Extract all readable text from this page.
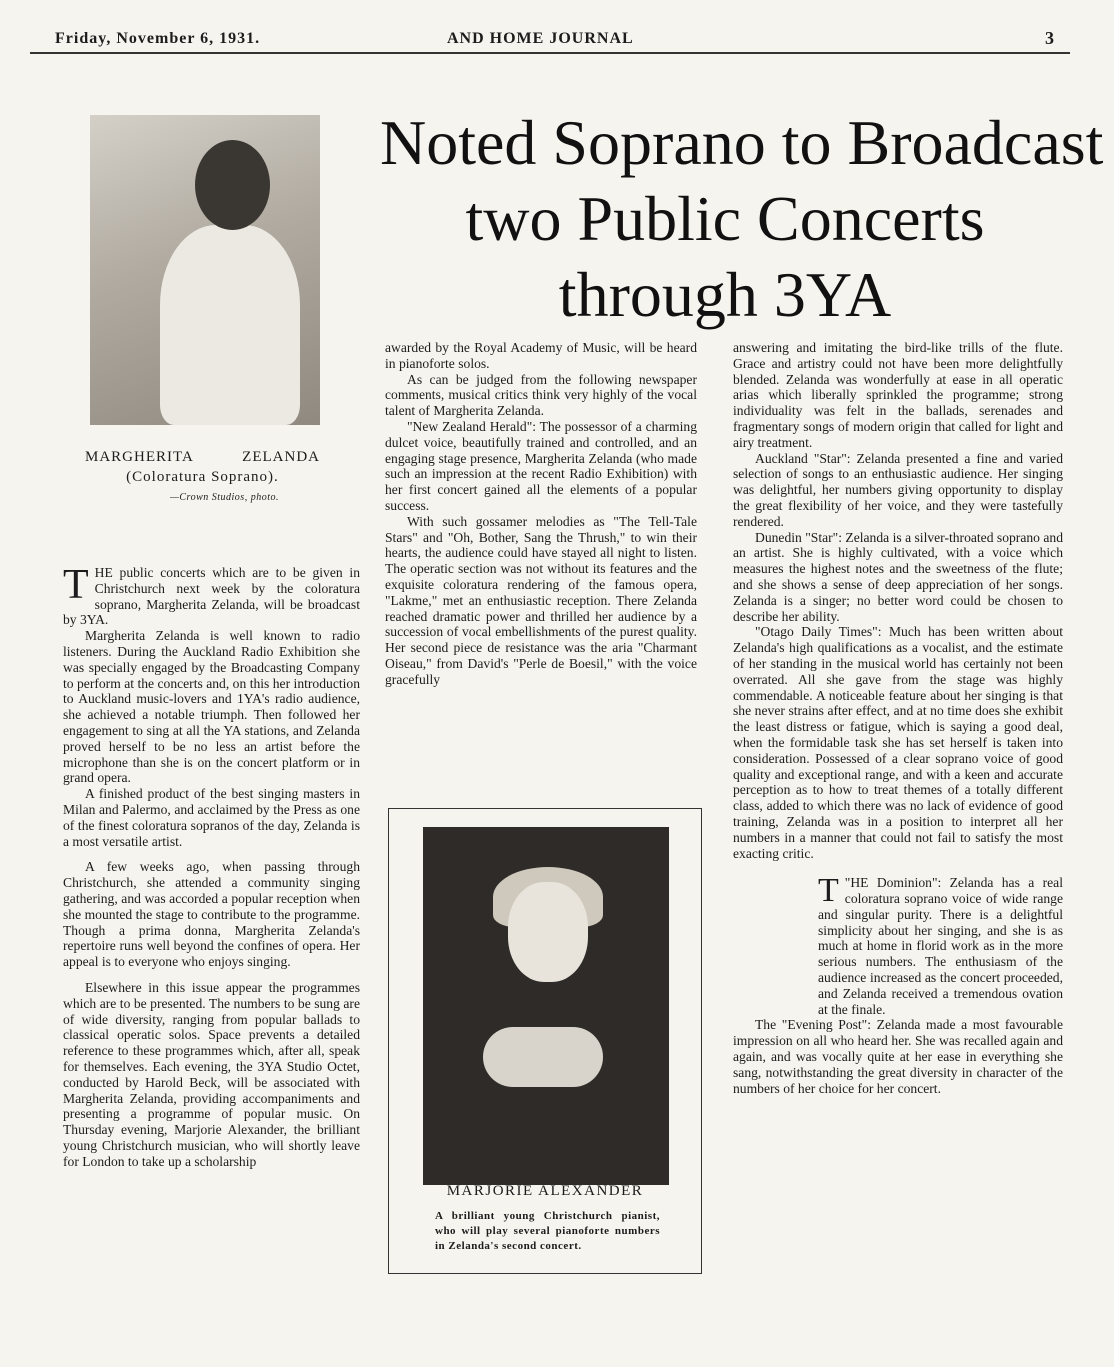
Friday, November 6, 1931.	AND HOME JOURNAL	3
Noted Soprano to Broadcast
two Public Concerts
through 3YA
MARGHERITA	ZELANDA
(Coloratura Soprano).
—Crown Studios, photo.

THE public concerts which are to be given in Christchurch next week by the coloratura soprano, Margherita Zelanda, will be broadcast by 3YA.

Margherita Zelanda is well known to radio listeners. During the Auckland Radio Exhibition she was specially engaged by the Broadcasting Company to perform at the concerts and, on this her introduction to Auckland music-lovers and 1YA's radio audience, she achieved a notable triumph. Then followed her engagement to sing at all the YA stations, and Zelanda proved herself to be no less an artist before the microphone than she is on the concert platform or in grand opera.

A finished product of the best singing masters in Milan and Palermo, and acclaimed by the Press as one of the finest coloratura sopranos of the day, Zelanda is a most versatile artist.

A few weeks ago, when passing through Christchurch, she attended a community singing gathering, and was accorded a popular reception when she mounted the stage to contribute to the programme. Though a prima donna, Margherita Zelanda's repertoire runs well beyond the confines of opera. Her appeal is to everyone who enjoys singing.

Elsewhere in this issue appear the programmes which are to be presented. The numbers to be sung are of wide diversity, ranging from popular ballads to classical operatic solos. Space prevents a detailed reference to these programmes which, after all, speak for themselves. Each evening, the 3YA Studio Octet, conducted by Harold Beck, will be associated with Margherita Zelanda, providing accompaniments and presenting a programme of popular music. On Thursday evening, Marjorie Alexander, the brilliant young Christchurch musician, who will shortly leave for London to take up a scholarship

awarded by the Royal Academy of Music, will be heard in pianoforte solos.

As can be judged from the following newspaper comments, musical critics think very highly of the vocal talent of Margherita Zelanda.

"New Zealand Herald": The possessor of a charming dulcet voice, beautifully trained and controlled, and an engaging stage presence, Margherita Zelanda (who made such an impression at the recent Radio Exhibition) with her first concert gained all the elements of a popular success.

With such gossamer melodies as "The Tell-Tale Stars" and "Oh, Bother, Sang the Thrush," to win their hearts, the audience could have stayed all night to listen. The operatic section was not without its features and the exquisite coloratura rendering of the famous opera, "Lakme," met an enthusiastic reception. There Zelanda reached dramatic power and thrilled her audience by a succession of vocal embellishments of the purest quality. Her second piece de resistance was the aria "Charmant Oiseau," from David's "Perle de Boesil," with the voice gracefully

MARJORIE ALEXANDER
A brilliant young Christchurch pianist, who will play several pianoforte numbers in Zelanda's second concert.

answering and imitating the bird-like trills of the flute. Grace and artistry could not have been more delightfully blended. Zelanda was wonderfully at ease in all operatic arias which liberally sprinkled the programme; strong individuality was felt in the ballads, serenades and fragmentary songs of modern origin that called for light and airy treatment.

Auckland "Star": Zelanda presented a fine and varied selection of songs to an enthusiastic audience. Her singing was delightful, her numbers giving opportunity to display the great flexibility of her voice, and they were tastefully rendered.

Dunedin "Star": Zelanda is a silver-throated soprano and an artist. She is highly cultivated, with a voice which measures the highest notes and the sweetness of the flute; and she shows a sense of deep appreciation of her songs. Zelanda is a singer; no better word could be chosen to describe her ability.

"Otago Daily Times": Much has been written about Zelanda's high qualifications as a vocalist, and the estimate of her standing in the musical world has certainly not been overrated. All she gave from the stage was highly commendable. A noticeable feature about her singing is that she never strains after effect, and at no time does she exhibit the least distress or fatigue, which is saying a good deal, when the formidable task she has set herself is taken into consideration. Possessed of a clear soprano voice of good quality and exceptional range, and with a keen and accurate perception as to how to treat themes of a totally different class, added to which there was no lack of evidence of good training, Zelanda was in a position to interpret all her numbers in a manner that could not fail to satisfy the most exacting critic.

"
T HE Dominion": Zelanda has a real coloratura soprano voice of wide range and singular purity. There is a delightful simplicity about her singing, and she is as much at home in florid work as in the more serious numbers. The enthusiasm of the audience increased as the concert proceeded, and Zelanda received a tremendous ovation at the finale.

The "Evening Post": Zelanda made a most favourable impression on all who heard her. She was recalled again and again, and was vocally quite at her ease in everything she sang, notwithstanding the great diversity in character of the numbers of her choice for her concert.
